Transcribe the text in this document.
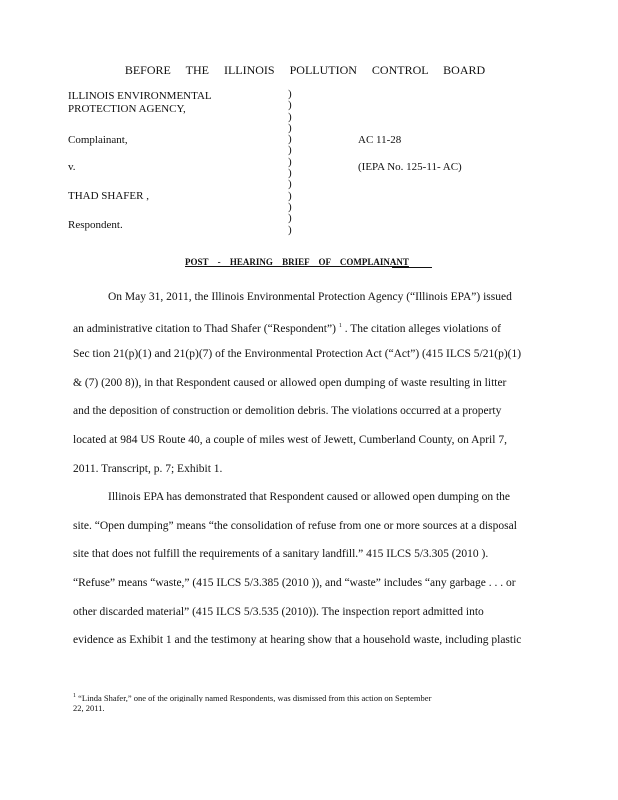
BEFORE THE ILLINOIS POLLUTION CONTROL BOARD
ILLINOIS ENVIRONMENTAL
PROTECTION AGENCY,
Complainant,
v.
THAD SHAFER ,
Respondent.
)
)
)
)
)
)
)
)
)
)
)
)
)
AC 11-28
(IEPA No. 125-11- AC)
POST - HEARING BRIEF OF COMPLAINANT
On May 31, 2011, the Illinois Environmental Protection Agency (“Illinois EPA”) issued
an administrative citation to Thad Shafer (“Respondent”) $^1$ . The citation alleges violations of
Sec tion 21(p)(1) and 21(p)(7) of the Environmental Protection Act (“Act”) (415 ILCS 5/21(p)(1)
& (7) (200 8)), in that Respondent caused or allowed open dumping of waste resulting in litter
and the deposition of construction or demolition debris. The violations occurred at a property
located at 984 US Route 40, a couple of miles west of Jewett, Cumberland County, on April 7,
2011. Transcript, p. 7; Exhibit 1.
Illinois EPA has demonstrated that Respondent caused or allowed open dumping on the
site. “Open dumping” means “the consolidation of refuse from one or more sources at a disposal
site that does not fulfill the requirements of a sanitary landfill.” 415 ILCS 5/3.305 (2010 ).
“Refuse” means “waste,” (415 ILCS 5/3.385 (2010 )), and “waste” includes “any garbage . . . or
other discarded material” (415 ILCS 5/3.535 (2010)). The inspection report admitted into
evidence as Exhibit 1 and the testimony at hearing show that a household waste, including plastic
$^1$ “Linda Shafer,” one of the originally named Respondents, was dismissed from this action on September
22, 2011.
